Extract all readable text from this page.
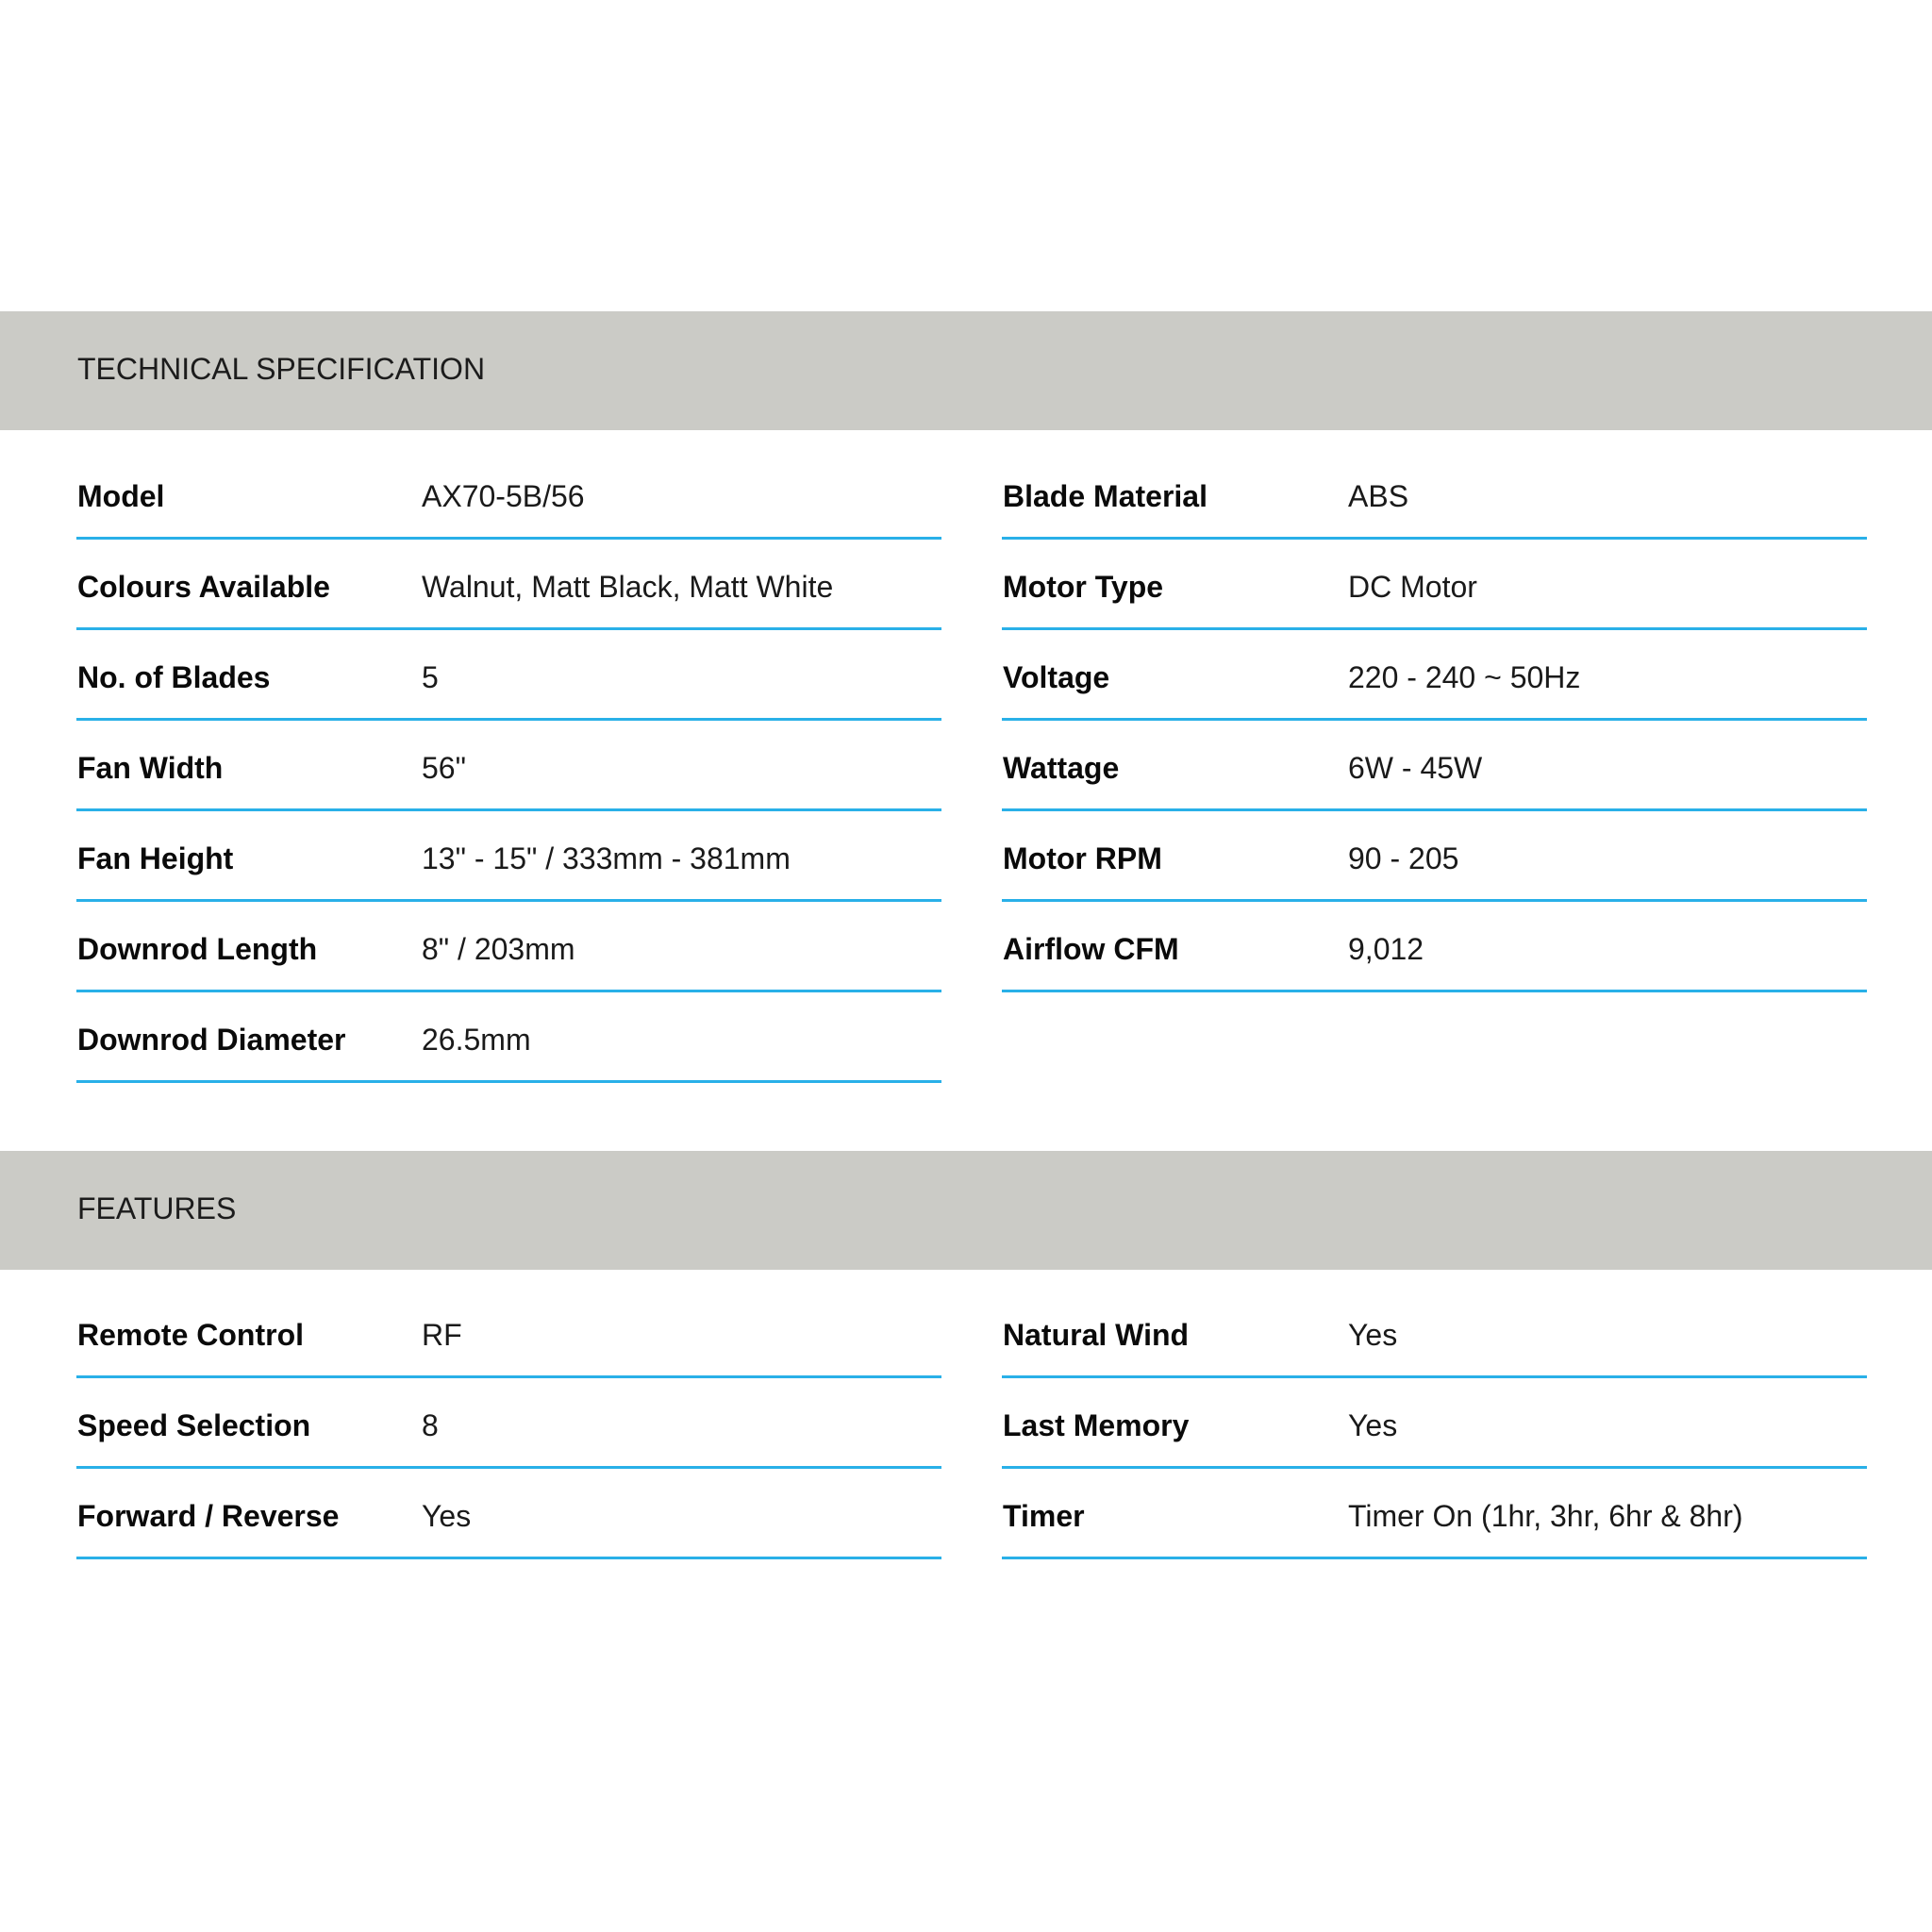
TECHNICAL SPECIFICATION
Model	AX70-5B/56
Colours Available	Walnut, Matt Black, Matt White
No. of Blades	5
Fan Width	56"
Fan Height	13" - 15" / 333mm - 381mm
Downrod Length	8" / 203mm
Downrod Diameter	26.5mm
Blade Material	ABS
Motor Type	DC Motor
Voltage	220 - 240 ~ 50Hz
Wattage	6W - 45W
Motor RPM	90 - 205
Airflow CFM	9,012
FEATURES
Remote Control	RF
Speed Selection	8
Forward / Reverse	Yes
Natural Wind	Yes
Last Memory	Yes
Timer	Timer On (1hr, 3hr, 6hr & 8hr)
